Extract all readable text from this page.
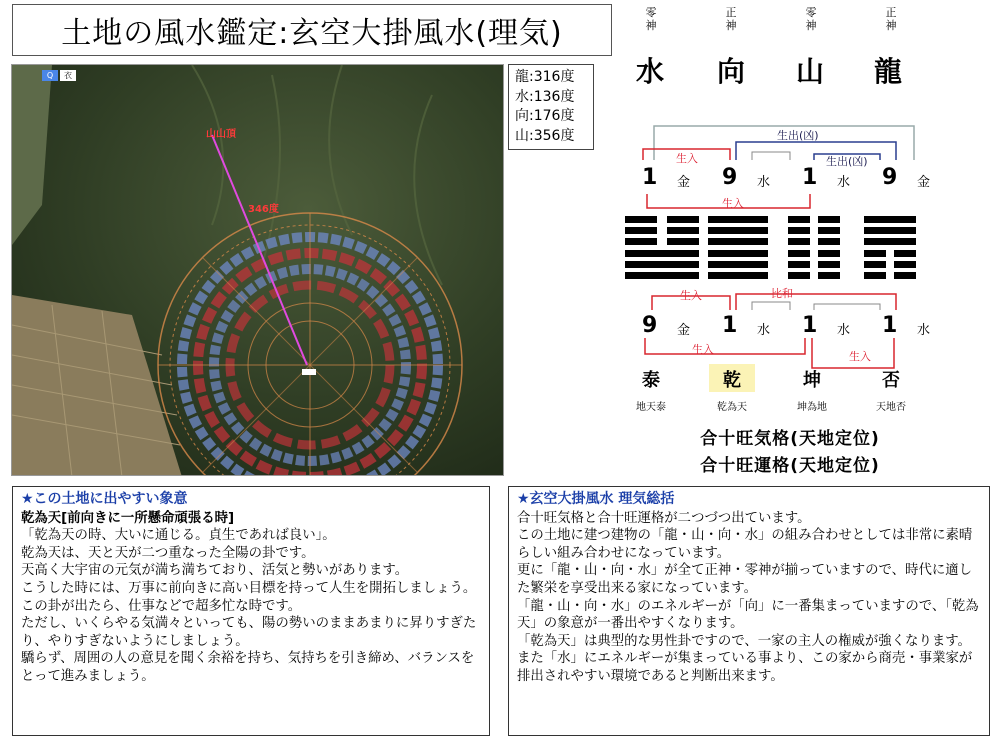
土地の風水鑑定:玄空大掛風水(理気)
Q	衣
山山頂
346度
龍:316度
水:136度
向:176度
山:356度
零
神
正
神
零
神
正
神
水 向 山 龍
生出(凶)
生入	生出(凶)
生入
1 金 9 水 1 水 9 金
生入	比和
生入
生入
9 金 1 水 1 水 1 水
泰	乾	坤	否
地天泰	乾為天	坤為地	天地否
合十旺気格(天地定位)
合十旺運格(天地定位)
★この土地に出やすい象意
乾為天[前向きに一所懸命頑張る時]

「乾為天の時、大いに通じる。貞生であれば良い」。

乾為天は、天と天が二つ重なった全陽の卦です。

天高く大宇宙の元気が満ち満ちており、活気と勢いがあります。

こうした時には、万事に前向きに高い目標を持って人生を開拓しましょう。

この卦が出たら、仕事などで超多忙な時です。

ただし、いくらやる気満々といっても、陽の勢いのままあまりに昇りすぎたり、やりすぎないようにしましょう。

驕らず、周囲の人の意見を聞く余裕を持ち、気持ちを引き締め、バランスをとって進みましょう。

★玄空大掛風水 理気総括

合十旺気格と合十旺運格が二つづつ出ています。

この土地に建つ建物の「龍・山・向・水」の組み合わせとしては非常に素晴らしい組み合わせになっています。

更に「龍・山・向・水」が全て正神・零神が揃っていますので、時代に適した繁栄を享受出来る家になっています。

「龍・山・向・水」のエネルギーが「向」に一番集まっていますので、「乾為天」の象意が一番出やすくなります。

「乾為天」は典型的な男性卦ですので、一家の主人の権威が強くなります。

また「水」にエネルギーが集まっている事より、この家から商売・事業家が排出されやすい環境であると判断出来ます。
